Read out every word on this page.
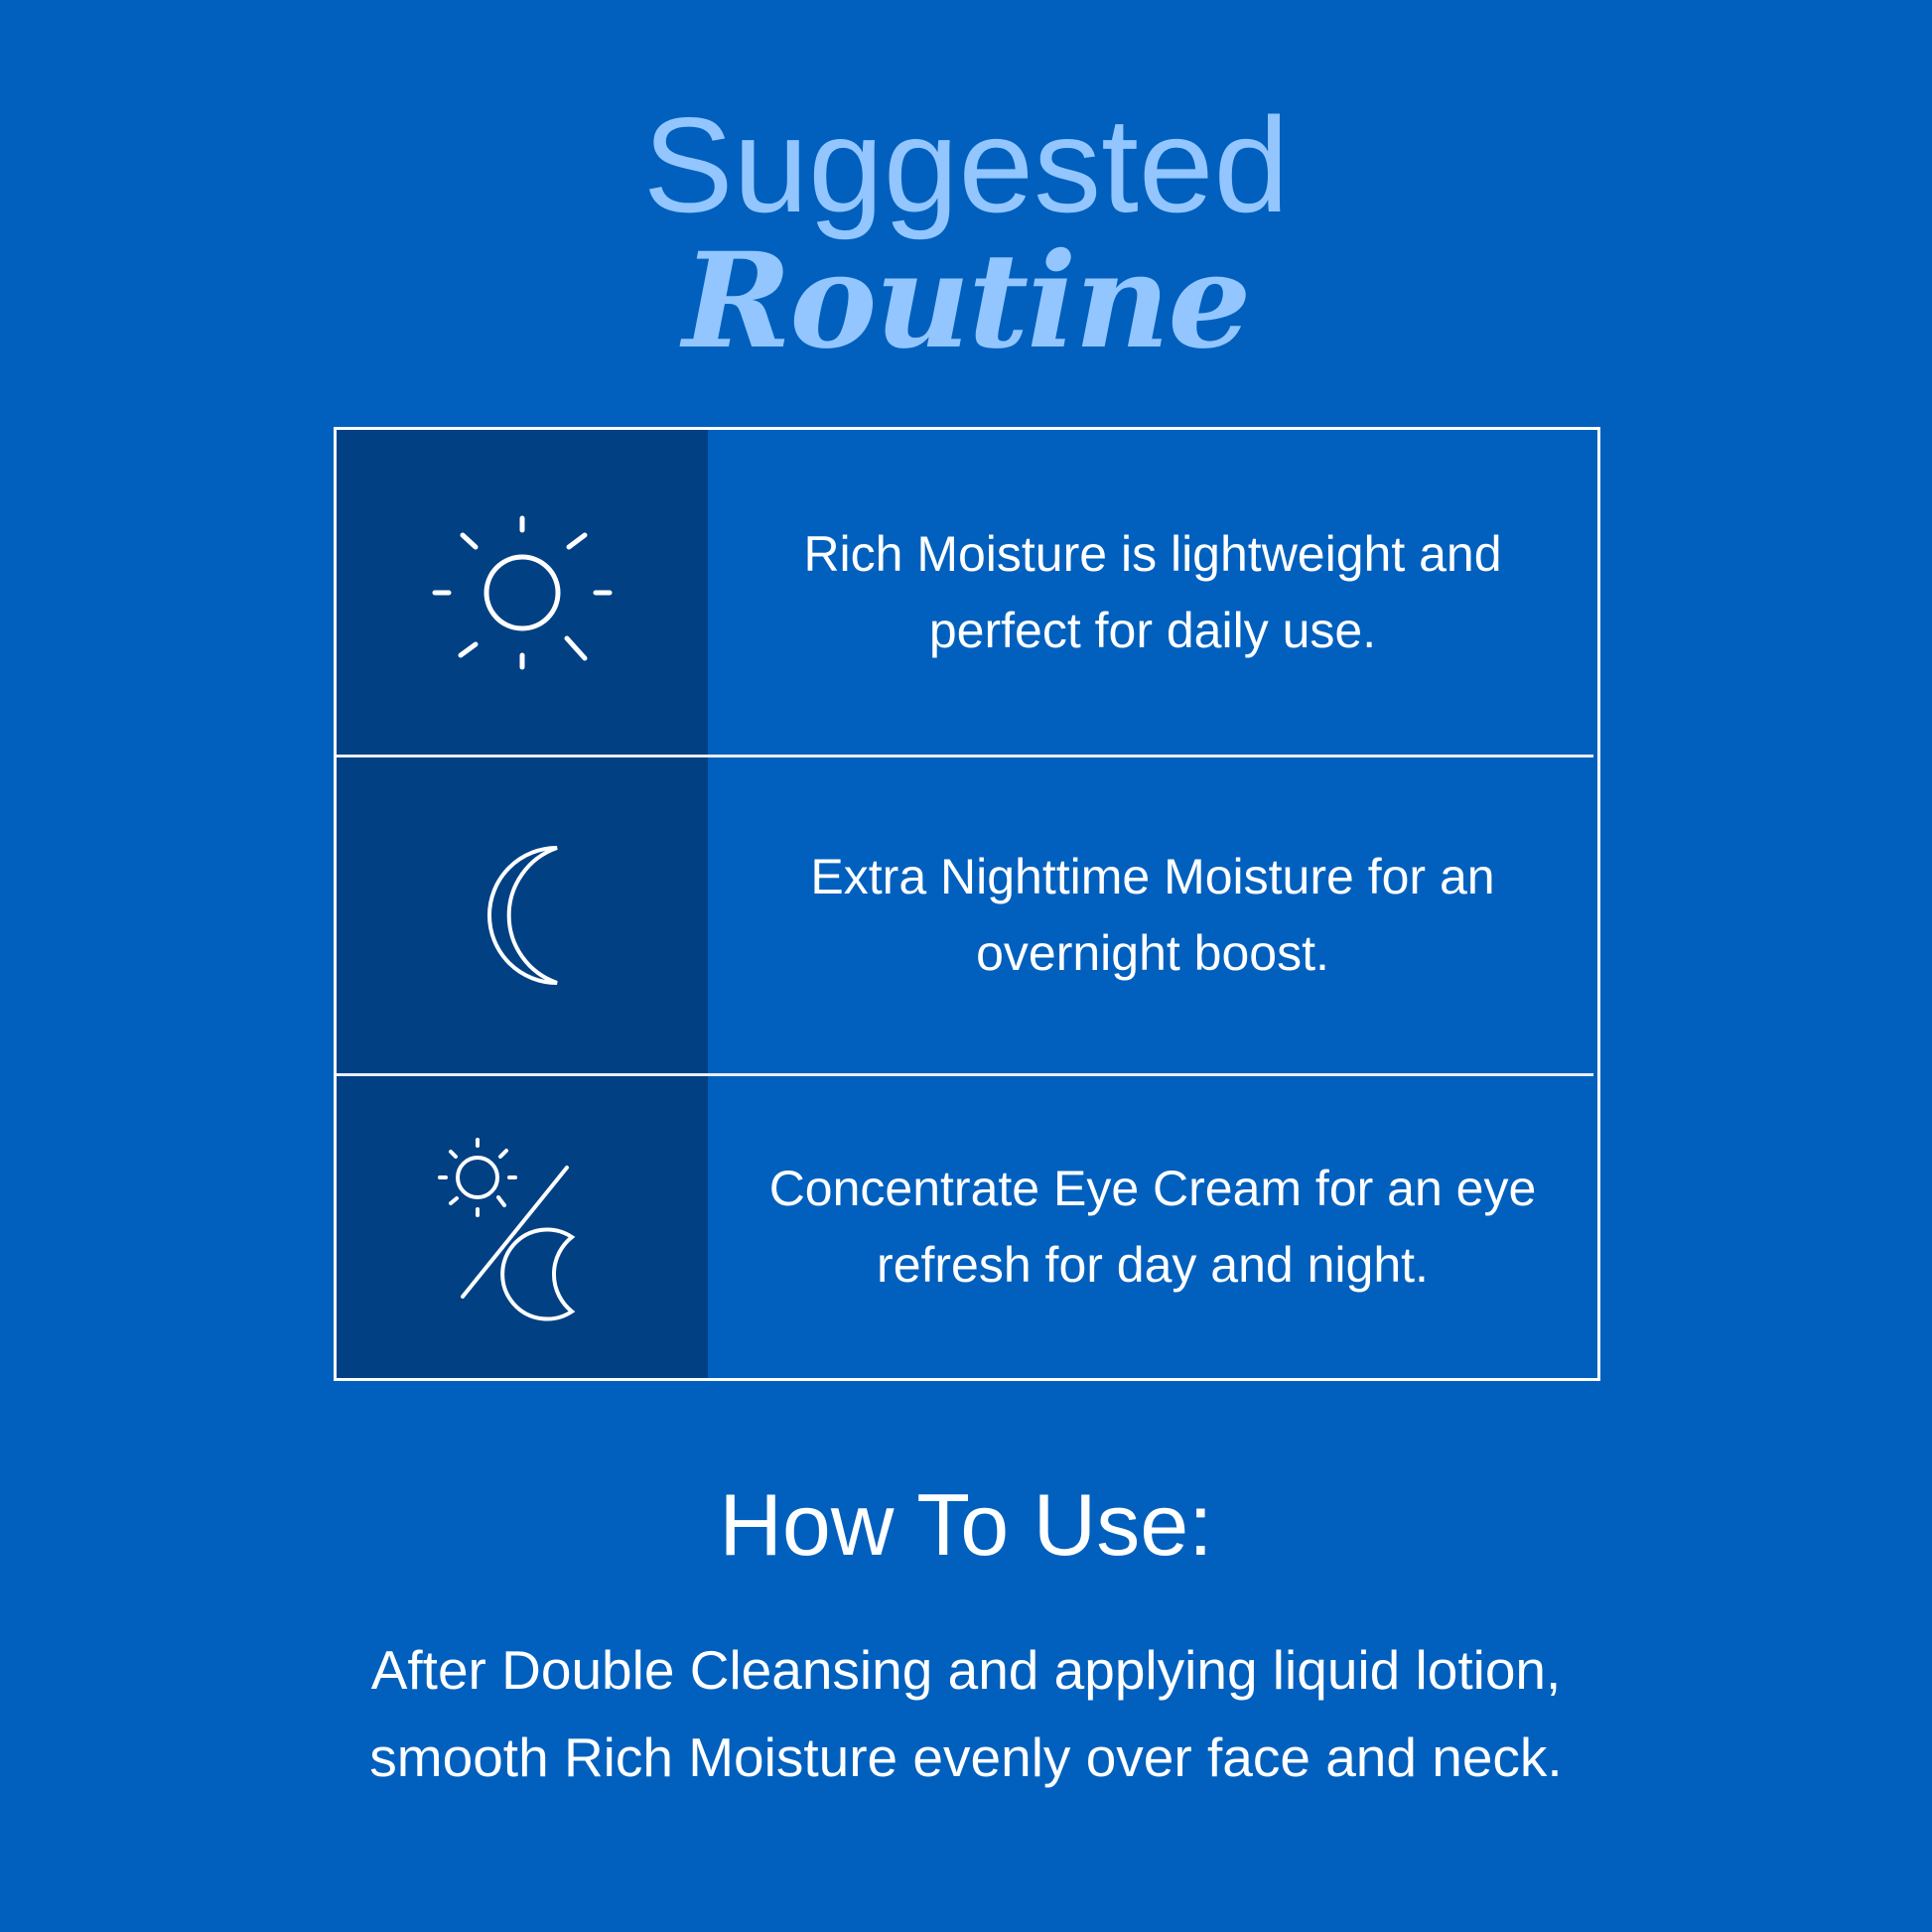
Suggested
Routine
Rich Moisture is lightweight and perfect for daily use.
Extra Nighttime Moisture for an overnight boost.
Concentrate Eye Cream for an eye refresh for day and night.
How To Use:
After Double Cleansing and applying liquid lotion, smooth Rich Moisture evenly over face and neck.
